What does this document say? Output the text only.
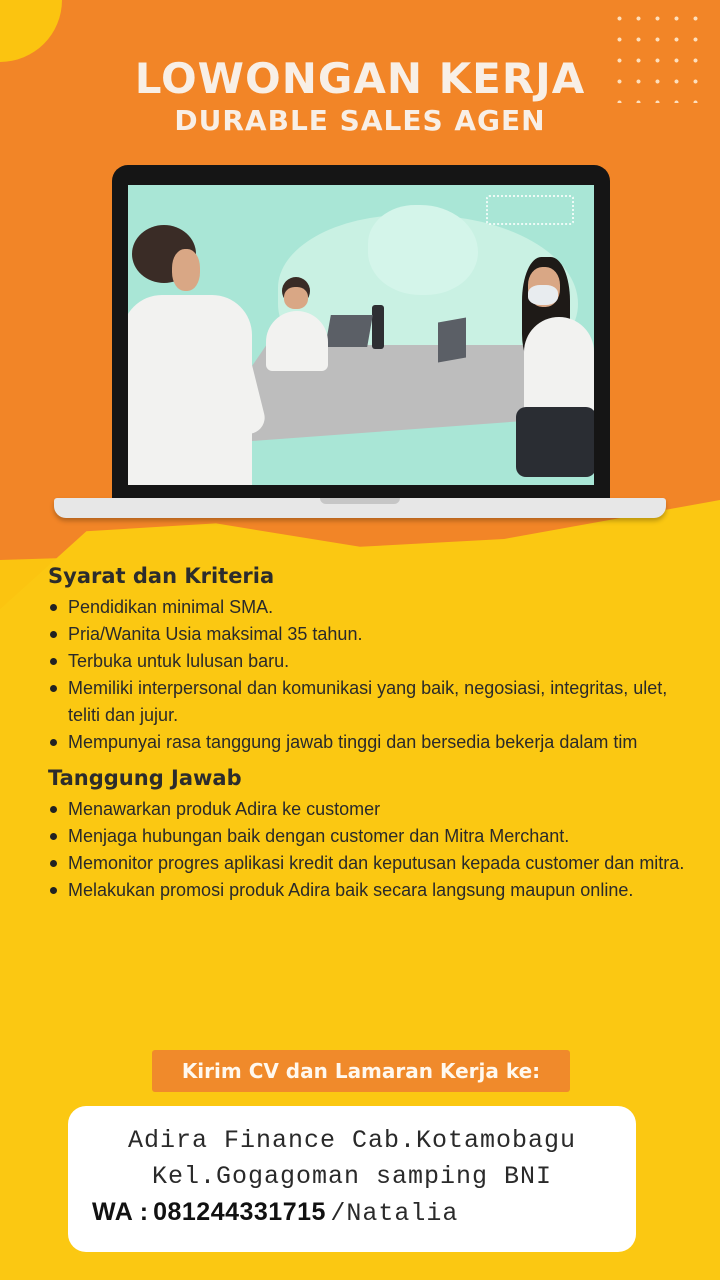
LOWONGAN KERJA
DURABLE SALES AGEN
Syarat dan Kriteria
Pendidikan minimal SMA.
Pria/Wanita Usia maksimal 35 tahun.
Terbuka untuk lulusan baru.
Memiliki interpersonal dan komunikasi yang baik, negosiasi, integritas, ulet, teliti dan jujur.
Mempunyai rasa tanggung jawab tinggi dan bersedia bekerja dalam tim
Tanggung Jawab
Menawarkan produk Adira ke customer
Menjaga hubungan baik dengan customer dan Mitra Merchant.
Memonitor progres aplikasi kredit dan keputusan kepada customer dan mitra.
Melakukan promosi produk Adira baik secara langsung maupun online.
Kirim CV dan Lamaran Kerja ke:
Adira Finance Cab.Kotamobagu
Kel.Gogagoman samping BNI
WA : 081244331715 /Natalia
